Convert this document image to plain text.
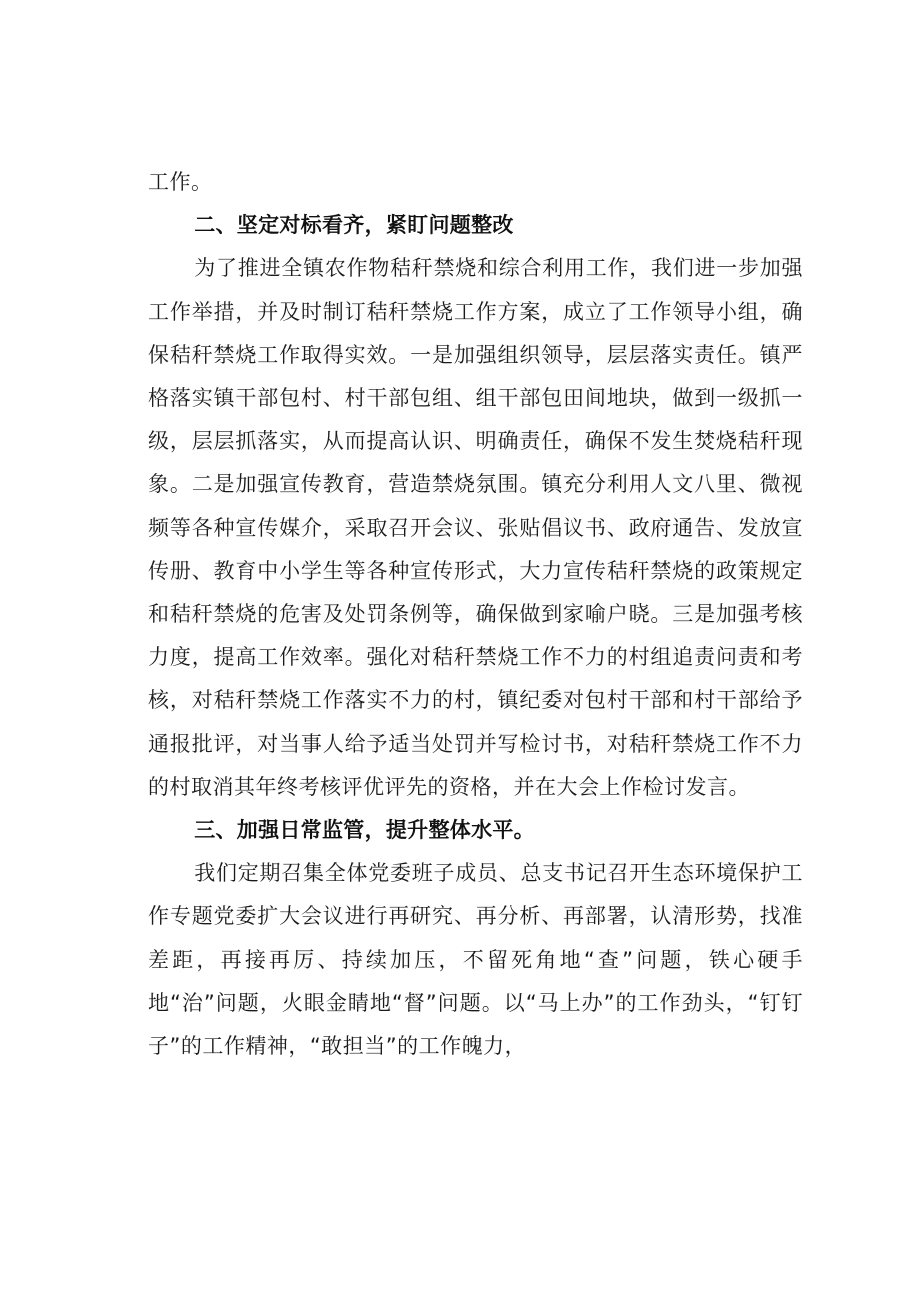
工作。

二、坚定对标看齐，紧盯问题整改

为了推进全镇农作物秸秆禁烧和综合利用工作，我们进一步加强工作举措，并及时制订秸秆禁烧工作方案，成立了工作领导小组，确保秸秆禁烧工作取得实效。一是加强组织领导，层层落实责任。镇严格落实镇干部包村、村干部包组、组干部包田间地块，做到一级抓一级，层层抓落实，从而提高认识、明确责任，确保不发生焚烧秸秆现象。二是加强宣传教育，营造禁烧氛围。镇充分利用人文八里、微视频等各种宣传媒介，采取召开会议、张贴倡议书、政府通告、发放宣传册、教育中小学生等各种宣传形式，大力宣传秸秆禁烧的政策规定和秸秆禁烧的危害及处罚条例等，确保做到家喻户晓。三是加强考核力度，提高工作效率。强化对秸秆禁烧工作不力的村组追责问责和考核，对秸秆禁烧工作落实不力的村，镇纪委对包村干部和村干部给予通报批评，对当事人给予适当处罚并写检讨书，对秸秆禁烧工作不力的村取消其年终考核评优评先的资格，并在大会上作检讨发言。

三、加强日常监管，提升整体水平。

我们定期召集全体党委班子成员、总支书记召开生态环境保护工作专题党委扩大会议进行再研究、再分析、再部署，认清形势，找准差距，再接再厉、持续加压，不留死角地“查”问题，铁心硬手地“治”问题，火眼金睛地“督”问题。以“马上办”的工作劲头，“钉钉子”的工作精神，“敢担当”的工作魄力，
